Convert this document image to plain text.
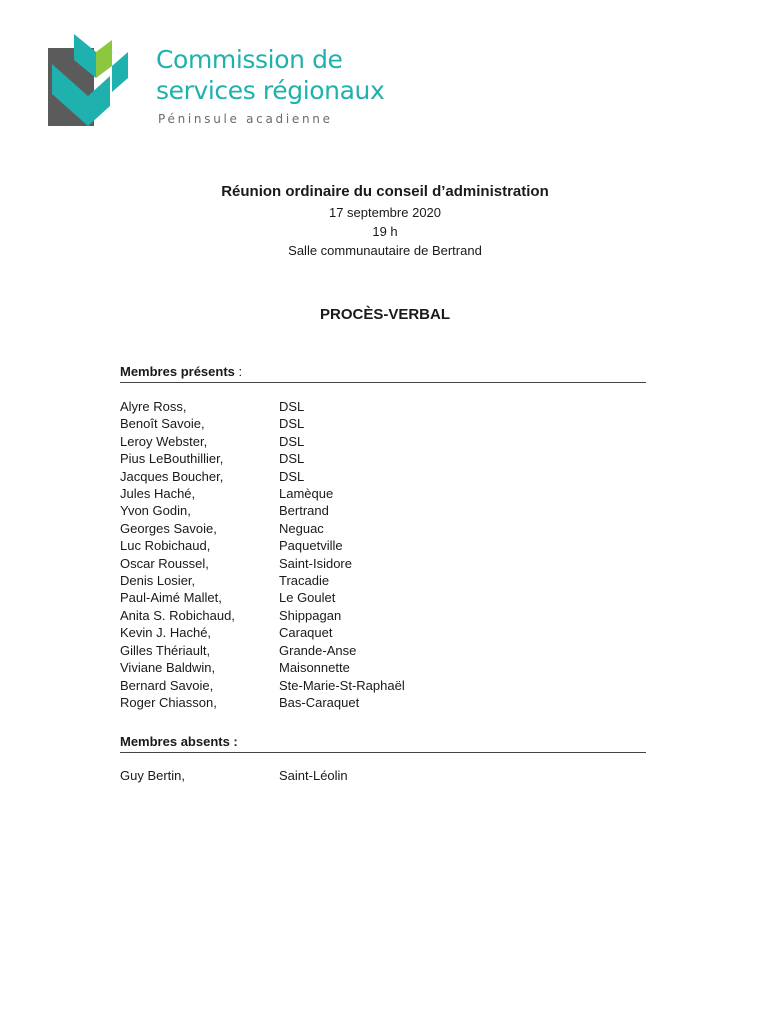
Commission de
services régionaux
Péninsule acadienne
Réunion ordinaire du conseil d’administration
17 septembre 2020
19 h
Salle communautaire de Bertrand
PROCÈS-VERBAL
Membres présents :
Alyre Ross,	DSL
Benoît Savoie,	DSL
Leroy Webster,	DSL
Pius LeBouthillier,	DSL
Jacques Boucher,	DSL
Jules Haché,	Lamèque
Yvon Godin,	Bertrand
Georges Savoie,	Neguac
Luc Robichaud,	Paquetville
Oscar Roussel,	Saint-Isidore
Denis Losier,	Tracadie
Paul-Aimé Mallet,	Le Goulet
Anita S. Robichaud,	Shippagan
Kevin J. Haché,	Caraquet
Gilles Thériault,	Grande-Anse
Viviane Baldwin,	Maisonnette
Bernard Savoie,	Ste-Marie-St-Raphaël
Roger Chiasson,	Bas-Caraquet
Membres absents :
Guy Bertin,	Saint-Léolin
